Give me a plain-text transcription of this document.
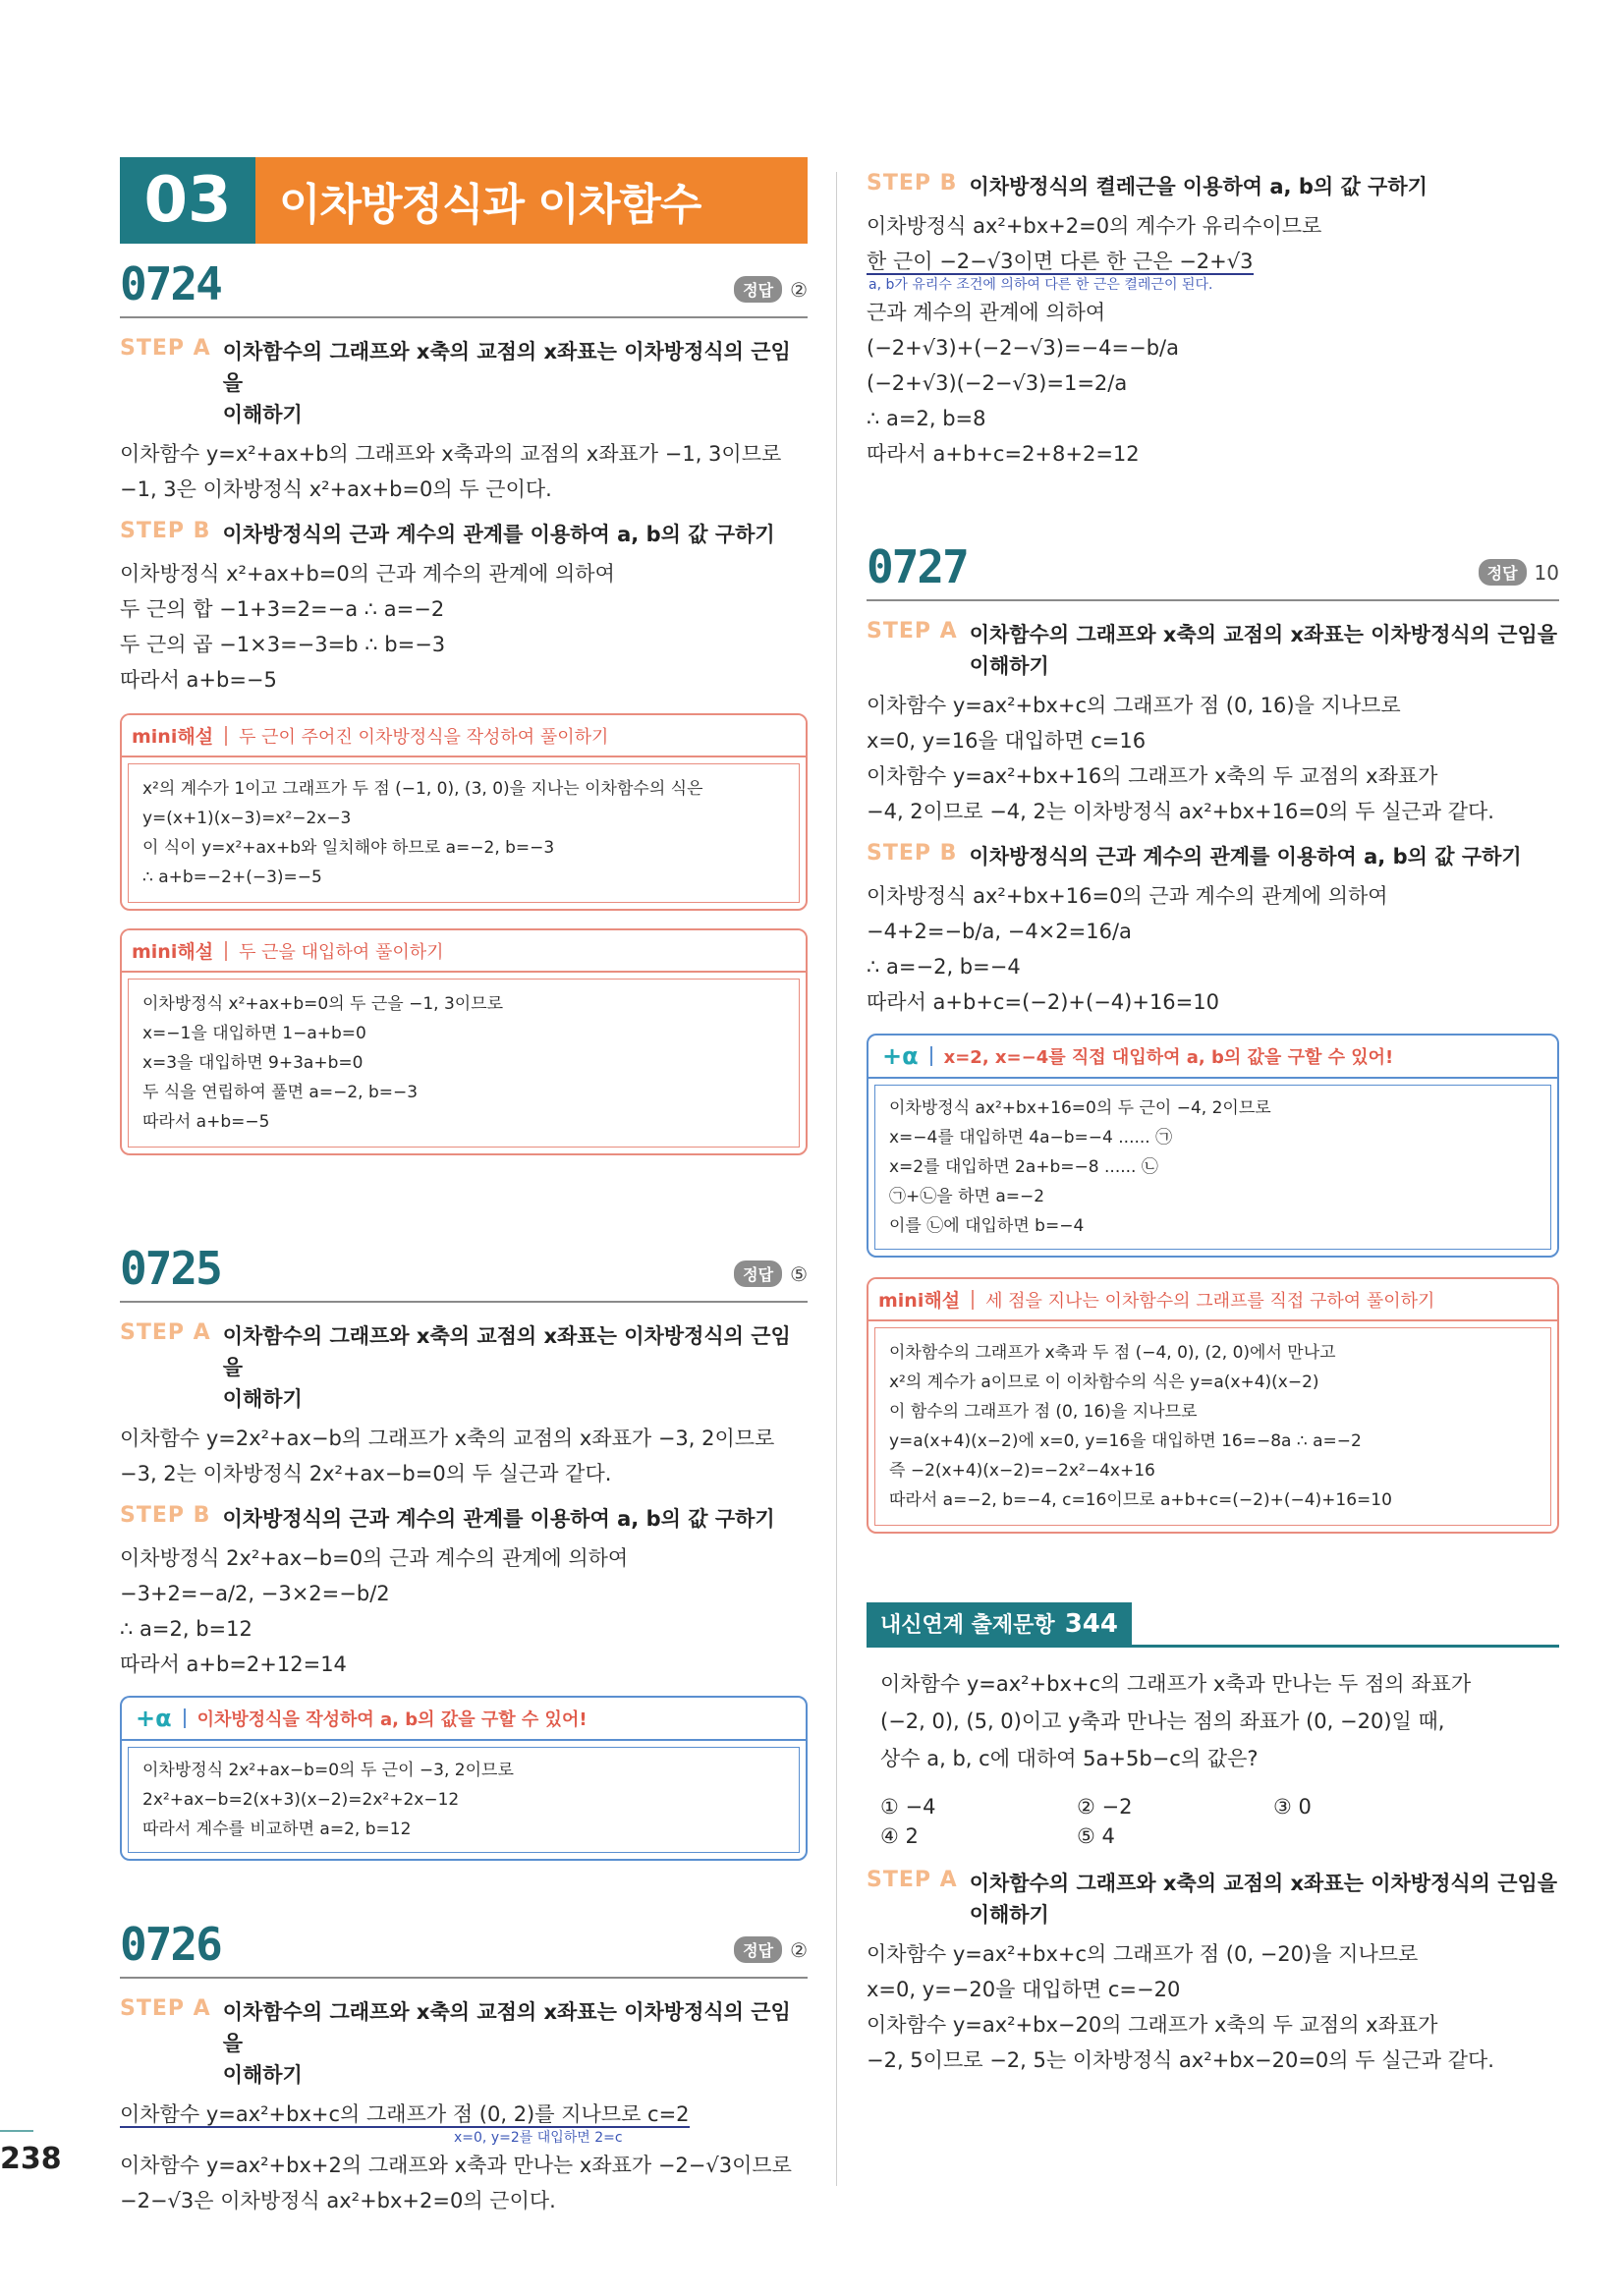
238
03	이차방정식과 이차함수
0724	정답 ②
STEP A 이차함수의 그래프와 x축의 교점의 x좌표는 이차방정식의 근임을
이해하기
이차함수 y=x²+ax+b의 그래프와 x축과의 교점의 x좌표가 −1, 3이므로
−1, 3은 이차방정식 x²+ax+b=0의 두 근이다.
STEP B 이차방정식의 근과 계수의 관계를 이용하여 a, b의 값 구하기
이차방정식 x²+ax+b=0의 근과 계수의 관계에 의하여
두 근의 합 −1+3=2=−a ∴ a=−2
두 근의 곱 −1×3=−3=b ∴ b=−3
따라서 a+b=−5
mini해설 두 근이 주어진 이차방정식을 작성하여 풀이하기
x²의 계수가 1이고 그래프가 두 점 (−1, 0), (3, 0)을 지나는 이차함수의 식은
y=(x+1)(x−3)=x²−2x−3
이 식이 y=x²+ax+b와 일치해야 하므로 a=−2, b=−3
∴ a+b=−2+(−3)=−5
mini해설 두 근을 대입하여 풀이하기
이차방정식 x²+ax+b=0의 두 근을 −1, 3이므로
x=−1을 대입하면 1−a+b=0
x=3을 대입하면 9+3a+b=0
두 식을 연립하여 풀면 a=−2, b=−3
따라서 a+b=−5
0725	정답 ⑤
STEP A 이차함수의 그래프와 x축의 교점의 x좌표는 이차방정식의 근임을
이해하기
이차함수 y=2x²+ax−b의 그래프가 x축의 교점의 x좌표가 −3, 2이므로
−3, 2는 이차방정식 2x²+ax−b=0의 두 실근과 같다.
STEP B 이차방정식의 근과 계수의 관계를 이용하여 a, b의 값 구하기
이차방정식 2x²+ax−b=0의 근과 계수의 관계에 의하여
−3+2=−a/2, −3×2=−b/2
∴ a=2, b=12
따라서 a+b=2+12=14
+α 이차방정식을 작성하여 a, b의 값을 구할 수 있어!
이차방정식 2x²+ax−b=0의 두 근이 −3, 2이므로
2x²+ax−b=2(x+3)(x−2)=2x²+2x−12
따라서 계수를 비교하면 a=2, b=12
0726	정답 ②
STEP A 이차함수의 그래프와 x축의 교점의 x좌표는 이차방정식의 근임을
이해하기
이차함수 y=ax²+bx+c의 그래프가 점 (0, 2)를 지나므로 c=2
x=0, y=2를 대입하면 2=c
이차함수 y=ax²+bx+2의 그래프와 x축과 만나는 x좌표가 −2−√3이므로
−2−√3은 이차방정식 ax²+bx+2=0의 근이다.
STEP B 이차방정식의 켤레근을 이용하여 a, b의 값 구하기
이차방정식 ax²+bx+2=0의 계수가 유리수이므로
한 근이 −2−√3이면 다른 한 근은 −2+√3
a, b가 유리수 조건에 의하여 다른 한 근은 켤레근이 된다.
근과 계수의 관계에 의하여
(−2+√3)+(−2−√3)=−4=−b/a
(−2+√3)(−2−√3)=1=2/a
∴ a=2, b=8
따라서 a+b+c=2+8+2=12
0727	정답 10
STEP A 이차함수의 그래프와 x축의 교점의 x좌표는 이차방정식의 근임을
이해하기
이차함수 y=ax²+bx+c의 그래프가 점 (0, 16)을 지나므로
x=0, y=16을 대입하면 c=16
이차함수 y=ax²+bx+16의 그래프가 x축의 두 교점의 x좌표가
−4, 2이므로 −4, 2는 이차방정식 ax²+bx+16=0의 두 실근과 같다.
STEP B 이차방정식의 근과 계수의 관계를 이용하여 a, b의 값 구하기
이차방정식 ax²+bx+16=0의 근과 계수의 관계에 의하여
−4+2=−b/a, −4×2=16/a
∴ a=−2, b=−4
따라서 a+b+c=(−2)+(−4)+16=10
+α x=2, x=−4를 직접 대입하여 a, b의 값을 구할 수 있어!
이차방정식 ax²+bx+16=0의 두 근이 −4, 2이므로
x=−4를 대입하면 4a−b=−4 ...... ㉠
x=2를 대입하면 2a+b=−8 ...... ㉡
㉠+㉡을 하면 a=−2
이를 ㉡에 대입하면 b=−4
mini해설 세 점을 지나는 이차함수의 그래프를 직접 구하여 풀이하기
이차함수의 그래프가 x축과 두 점 (−4, 0), (2, 0)에서 만나고
x²의 계수가 a이므로 이 이차함수의 식은 y=a(x+4)(x−2)
이 함수의 그래프가 점 (0, 16)을 지나므로
y=a(x+4)(x−2)에 x=0, y=16을 대입하면 16=−8a ∴ a=−2
즉 −2(x+4)(x−2)=−2x²−4x+16
따라서 a=−2, b=−4, c=16이므로 a+b+c=(−2)+(−4)+16=10
내신연계 출제문항 344
이차함수 y=ax²+bx+c의 그래프가 x축과 만나는 두 점의 좌표가
(−2, 0), (5, 0)이고 y축과 만나는 점의 좌표가 (0, −20)일 때,
상수 a, b, c에 대하여 5a+5b−c의 값은?
① −4	② −2	③ 0
④ 2	⑤ 4
STEP A 이차함수의 그래프와 x축의 교점의 x좌표는 이차방정식의 근임을
이해하기
이차함수 y=ax²+bx+c의 그래프가 점 (0, −20)을 지나므로
x=0, y=−20을 대입하면 c=−20
이차함수 y=ax²+bx−20의 그래프가 x축의 두 교점의 x좌표가
−2, 5이므로 −2, 5는 이차방정식 ax²+bx−20=0의 두 실근과 같다.
